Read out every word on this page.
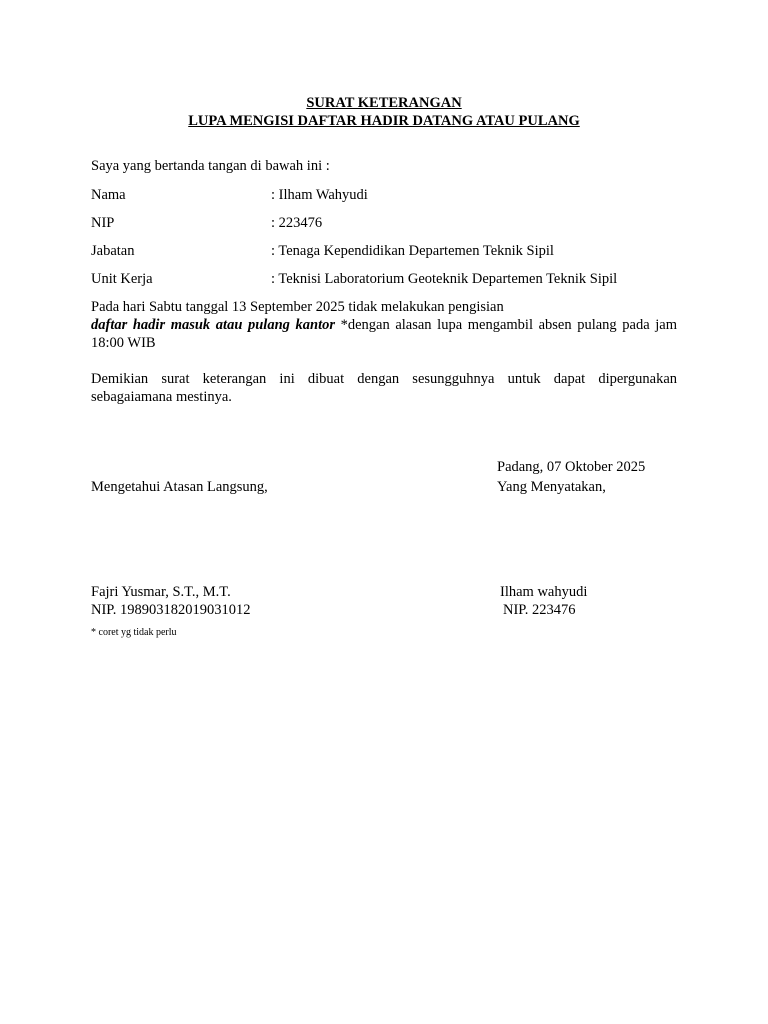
SURAT KETERANGAN
LUPA MENGISI DAFTAR HADIR DATANG ATAU PULANG
Saya yang bertanda tangan di bawah ini :
Nama	: Ilham Wahyudi
NIP	: 223476
Jabatan	: Tenaga Kependidikan Departemen Teknik Sipil
Unit Kerja	: Teknisi Laboratorium Geoteknik Departemen Teknik Sipil
Pada hari Sabtu tanggal 13 September 2025 tidak melakukan pengisian
daftar hadir masuk atau pulang kantor *dengan alasan lupa mengambil absen pulang pada jam
18:00 WIB
Demikian surat keterangan ini dibuat dengan sesungguhnya untuk dapat dipergunakan
sebagaiamana mestinya.
Padang, 07 Oktober 2025
Mengetahui Atasan Langsung,
Fajri Yusmar, S.T., M.T.
NIP. 198903182019031012
Yang Menyatakan,
Ilham wahyudi
NIP. 223476
* coret yg tidak perlu
